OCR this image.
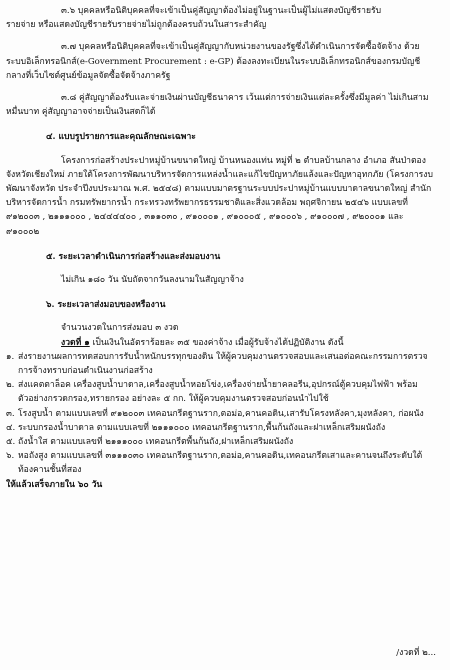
๓.๖ บุคคลหรือนิติบุคคลที่จะเข้าเป็นคู่สัญญาต้องไม่อยู่ในฐานะเป็นผู้ไม่แสดงบัญชีรายรับ
รายจ่าย หรือแสดงบัญชีรายรับรายจ่ายไม่ถูกต้องครบถ้วนในสาระสำคัญ

๓.๗ บุคคลหรือนิติบุคคลที่จะเข้าเป็นคู่สัญญากับหน่วยงานของรัฐซึ่งได้ดำเนินการจัดซื้อจัดจ้าง ด้วยระบบอิเล็กทรอนิกส์(e-Government Procurement : e-GP) ต้องลงทะเบียนในระบบอิเล็กทรอนิกส์ของกรมบัญชีกลางที่เว็บไซต์ศูนย์ข้อมูลจัดซื้อจัดจ้างภาครัฐ

๓.๘ คู่สัญญาต้องรับและจ่ายเงินผ่านบัญชีธนาคาร เว้นแต่การจ่ายเงินแต่ละครั้งซึ่งมีมูลค่า ไม่เกินสามหมื่นบาท คู่สัญญาอาจจ่ายเป็นเงินสดก็ได้

๔. แบบรูปรายการและคุณลักษณะเฉพาะ

โครงการก่อสร้างประปาหมู่บ้านขนาดใหญ่ บ้านหนองแท่น หมู่ที่ ๒ ตำบลบ้านกลาง อำเภอ สันป่าตอง จังหวัดเชียงใหม่ ภายใต้โครงการพัฒนาบริหารจัดการแหล่งน้ำและแก้ไขปัญหาภัยแล้งและปัญหาอุทกภัย (โครงการงบพัฒนาจังหวัด ประจำปีงบประมาณ พ.ศ. ๒๕๔๘) ตามแบบมาตรฐานระบบประปาหมู่บ้านแบบบาดาลขนาดใหญ่ สำนักบริหารจัดการน้ำ กรมทรัพยากรน้ำ กระทรวงทรัพยากรธรรมชาติและสิ่งแวดล้อม พฤศจิกายน ๒๕๔๖ แบบเลขที่ ๙๑๒๐๐๓ , ๒๑๑๑๐๐๐ , ๒๔๔๔๔๐๐ , ๓๑๑๐๓๐ , ๙๑๐๐๐๑ , ๙๑๐๐๐๕ , ๙๑๐๐๐๖ , ๙๑๐๐๐๗ , ๙๒๐๐๐๑ และ ๙๑๐๐๐๒

๕. ระยะเวลาดำเนินการก่อสร้างและส่งมอบงาน

ไม่เกิน ๑๘๐ วัน นับถัดจากวันลงนามในสัญญาจ้าง

๖. ระยะเวลาส่งมอบของหรืองาน

จำนวนงวดในการส่งมอบ ๓ งวด

งวดที่ ๑ เป็นเงินในอัตราร้อยละ ๓๕ ของค่าจ้าง เมื่อผู้รับจ้างได้ปฏิบัติงาน ดังนี้

๑. ส่งรายงานผลการทดสอบการรับน้ำหนักบรรทุกของดิน ให้ผู้ควบคุมงานตรวจสอบและเสนอต่อคณะกรรมการตรวจการจ้างทราบก่อนดำเนินงานก่อสร้าง
๒. ส่งแคตตาล็อค เครื่องสูบน้ำบาดาล,เครื่องสูบน้ำหอยโข่ง,เครื่องจ่ายน้ำยาคลอรีน,อุปกรณ์ตู้ควบคุมไฟฟ้า พร้อมตัวอย่างกรวดกรอง,ทรายกรอง อย่างละ ๕ กก. ให้ผู้ควบคุมงานตรวจสอบก่อนนำไปใช้
๓. โรงสูบน้ำ ตามแบบเลขที่ ๙๑๒๐๐๓ เทคอนกรีตฐานราก,ตอม่อ,คานคอดิน,เสารับโครงหลังคา,มุงหลังคา, ก่อผนัง
๔. ระบบกรองน้ำบาดาล ตามแบบเลขที่ ๒๑๑๑๐๐๐ เทคอนกรีตฐานราก,พื้นก้นถังและฝาเหล็กเสริมผนังถัง
๕. ถังน้ำใส ตามแบบเลขที่ ๒๑๑๑๐๐๐ เทคอนกรีตพื้นก้นถัง,ฝาเหล็กเสริมผนังถัง
๖. หอถังสูง ตามแบบเลขที่ ๓๑๑๑๐๓๐ เทคอนกรีตฐานราก,ตอม่อ,คานคอดิน,เทคอนกรีตเสาและคานจนถึงระดับใต้ท้องคานชั้นที่สอง

ให้แล้วเสร็จภายใน ๖๐ วัน

/งวดที่ ๒...
